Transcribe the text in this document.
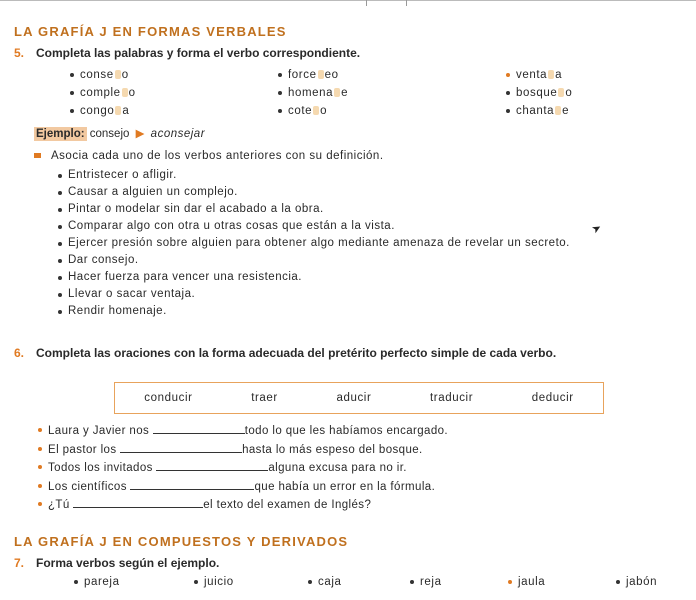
LA GRAFÍA J EN FORMAS VERBALES
5. Completa las palabras y forma el verbo correspondiente.
conse o
comple o
congo a
force eo
homena e
cote o
venta a
bosque o
chanta e
Ejemplo: consejo ▶ aconsejar
Asocia cada uno de los verbos anteriores con su definición.
Entristecer o afligir.
Causar a alguien un complejo.
Pintar o modelar sin dar el acabado a la obra.
Comparar algo con otra u otras cosas que están a la vista.
Ejercer presión sobre alguien para obtener algo mediante amenaza de revelar un secreto.
Dar consejo.
Hacer fuerza para vencer una resistencia.
Llevar o sacar ventaja.
Rendir homenaje.
➤
6. Completa las oraciones con la forma adecuada del pretérito perfecto simple de cada verbo.
conducir	traer	aducir	traducir	deducir
Laura y Javier nos	todo lo que les habíamos encargado.
El pastor los	hasta lo más espeso del bosque.
Todos los invitados	alguna excusa para no ir.
Los científicos	que había un error en la fórmula.
¿Tú	el texto del examen de Inglés?
LA GRAFÍA J EN COMPUESTOS Y DERIVADOS
7. Forma verbos según el ejemplo.
pareja	juicio	caja	reja	jaula	jabón
